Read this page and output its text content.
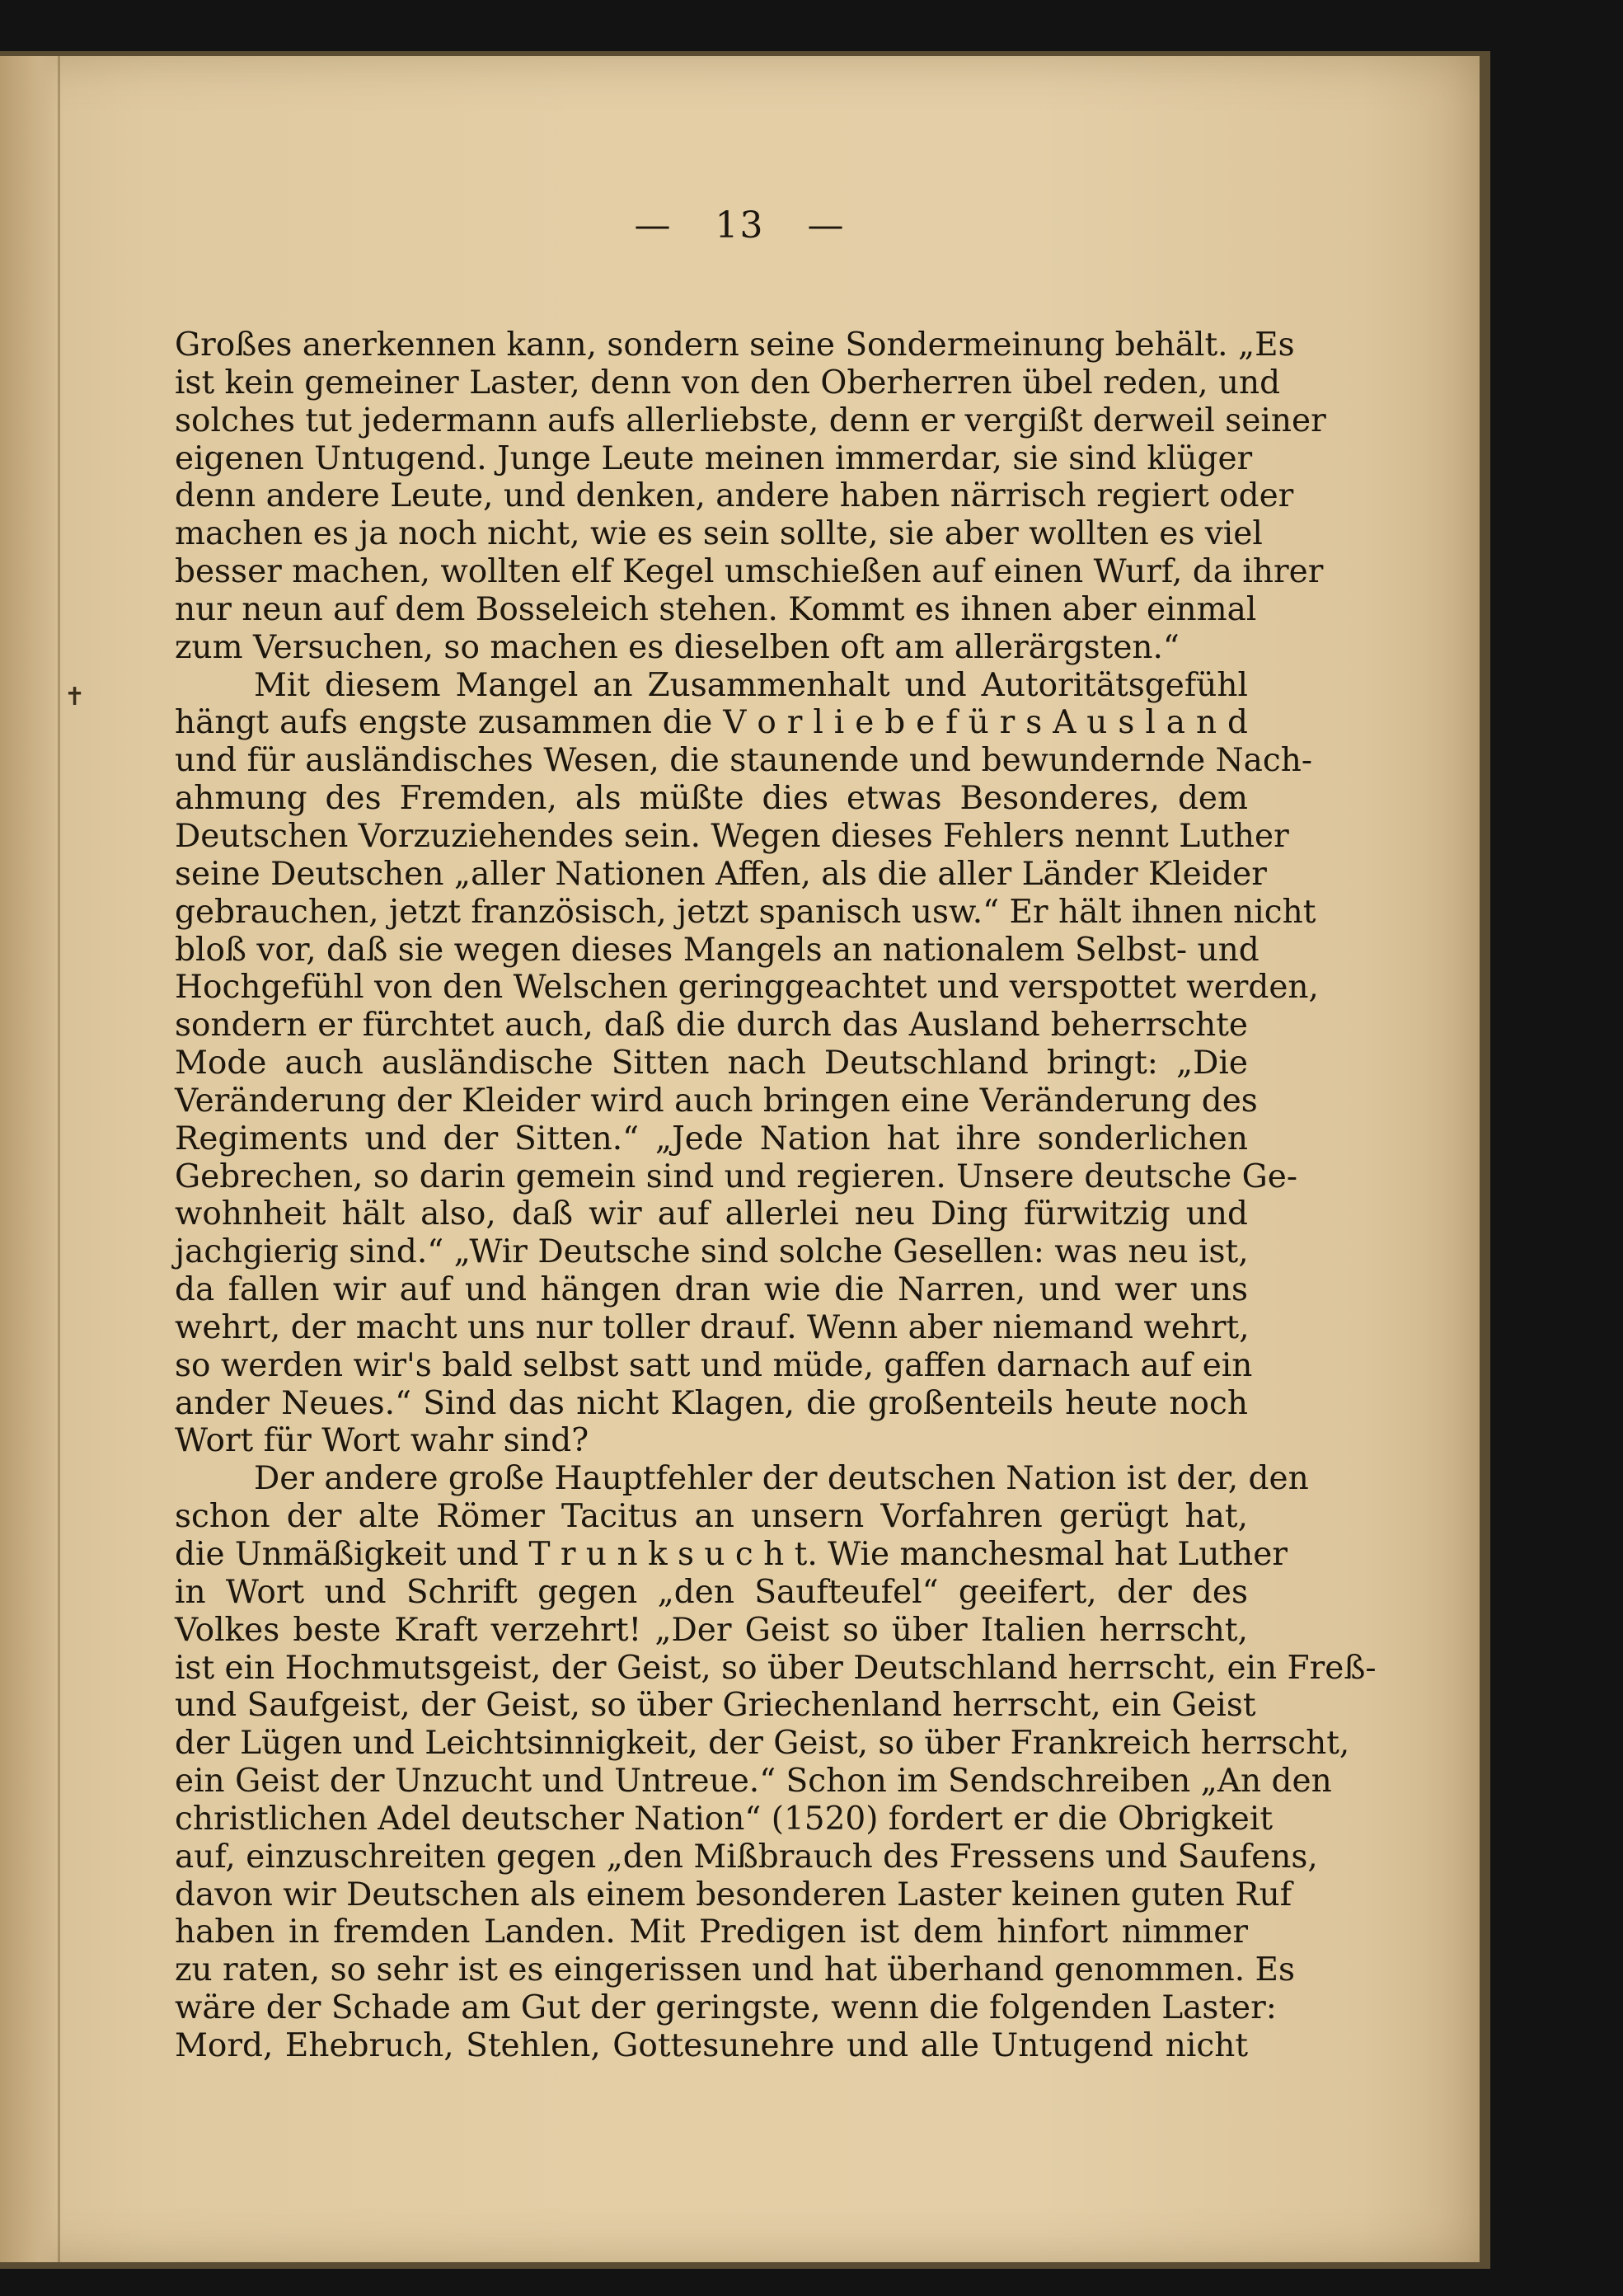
✝
— 13 —
Großes anerkennen kann, sondern seine Sondermeinung behält. „Es
ist kein gemeiner Laster, denn von den Oberherren übel reden, und
solches tut jedermann aufs allerliebste, denn er vergißt derweil seiner
eigenen Untugend. Junge Leute meinen immerdar, sie sind klüger
denn andere Leute, und denken, andere haben närrisch regiert oder
machen es ja noch nicht, wie es sein sollte, sie aber wollten es viel
besser machen, wollten elf Kegel umschießen auf einen Wurf, da ihrer
nur neun auf dem Bosseleich stehen. Kommt es ihnen aber einmal
zum Versuchen, so machen es dieselben oft am allerärgsten.“
Mit diesem Mangel an Zusammenhalt und Autoritätsgefühl
hängt aufs engste zusammen die V o r l i e b e f ü r s A u s l a n d
und für ausländisches Wesen, die staunende und bewundernde Nach-
ahmung des Fremden, als müßte dies etwas Besonderes, dem
Deutschen Vorzuziehendes sein. Wegen dieses Fehlers nennt Luther
seine Deutschen „aller Nationen Affen, als die aller Länder Kleider
gebrauchen, jetzt französisch, jetzt spanisch usw.“ Er hält ihnen nicht
bloß vor, daß sie wegen dieses Mangels an nationalem Selbst- und
Hochgefühl von den Welschen geringgeachtet und verspottet werden,
sondern er fürchtet auch, daß die durch das Ausland beherrschte
Mode auch ausländische Sitten nach Deutschland bringt: „Die
Veränderung der Kleider wird auch bringen eine Veränderung des
Regiments und der Sitten.“ „Jede Nation hat ihre sonderlichen
Gebrechen, so darin gemein sind und regieren. Unsere deutsche Ge-
wohnheit hält also, daß wir auf allerlei neu Ding fürwitzig und
jachgierig sind.“ „Wir Deutsche sind solche Gesellen: was neu ist,
da fallen wir auf und hängen dran wie die Narren, und wer uns
wehrt, der macht uns nur toller drauf. Wenn aber niemand wehrt,
so werden wir's bald selbst satt und müde, gaffen darnach auf ein
ander Neues.“ Sind das nicht Klagen, die großenteils heute noch
Wort für Wort wahr sind?
Der andere große Hauptfehler der deutschen Nation ist der, den
schon der alte Römer Tacitus an unsern Vorfahren gerügt hat,
die Unmäßigkeit und T r u n k s u c h t. Wie manchesmal hat Luther
in Wort und Schrift gegen „den Saufteufel“ geeifert, der des
Volkes beste Kraft verzehrt! „Der Geist so über Italien herrscht,
ist ein Hochmutsgeist, der Geist, so über Deutschland herrscht, ein Freß-
und Saufgeist, der Geist, so über Griechenland herrscht, ein Geist
der Lügen und Leichtsinnigkeit, der Geist, so über Frankreich herrscht,
ein Geist der Unzucht und Untreue.“ Schon im Sendschreiben „An den
christlichen Adel deutscher Nation“ (1520) fordert er die Obrigkeit
auf, einzuschreiten gegen „den Mißbrauch des Fressens und Saufens,
davon wir Deutschen als einem besonderen Laster keinen guten Ruf
haben in fremden Landen. Mit Predigen ist dem hinfort nimmer
zu raten, so sehr ist es eingerissen und hat überhand genommen. Es
wäre der Schade am Gut der geringste, wenn die folgenden Laster:
Mord, Ehebruch, Stehlen, Gottesunehre und alle Untugend nicht
